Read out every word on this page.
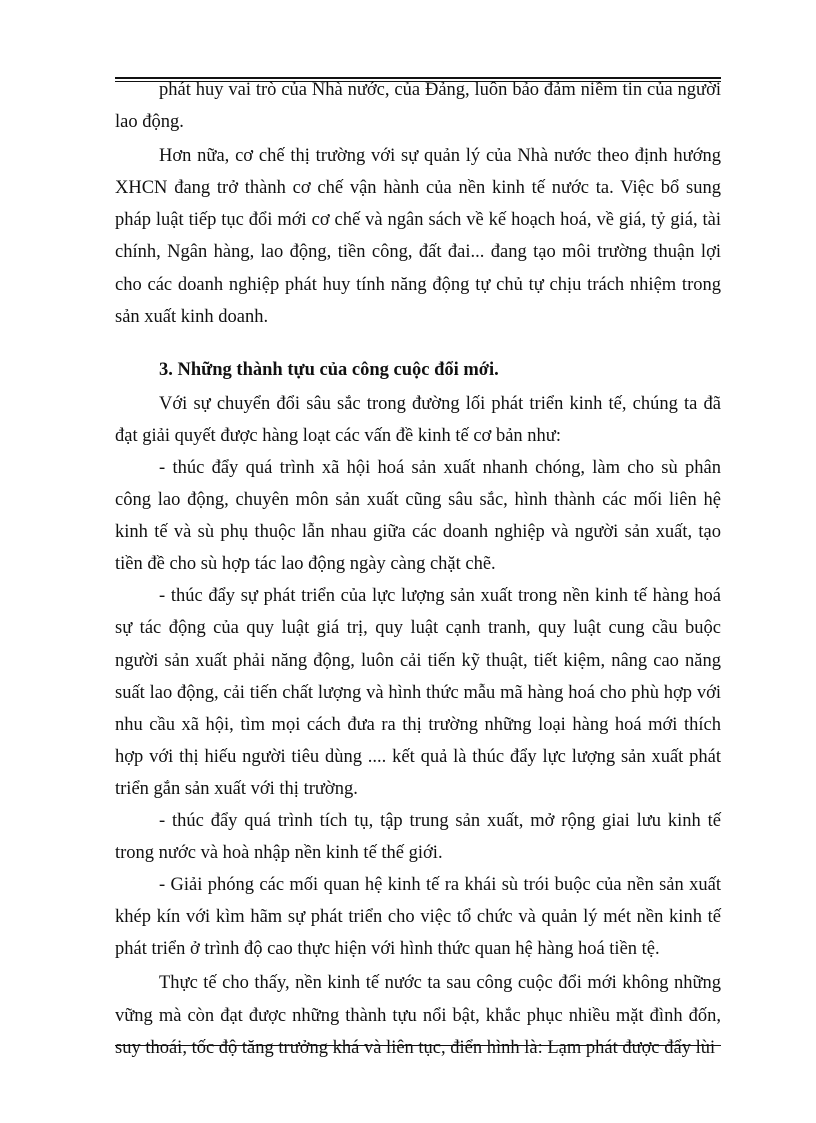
phát huy vai trò của Nhà nước, của Đảng, luôn bảo đảm niềm tin của người lao động.

Hơn nữa, cơ chế thị trường với sự quản lý của Nhà nước theo định hướng XHCN đang trở thành cơ chế vận hành của nền kinh tế nước ta. Việc bổ sung pháp luật tiếp tục đổi mới cơ chế và ngân sách về kế hoạch hoá, về giá, tỷ giá, tài chính, Ngân hàng, lao động, tiền công, đất đai... đang tạo môi trường thuận lợi cho các doanh nghiệp phát huy tính năng động tự chủ tự chịu trách nhiệm trong sản xuất kinh doanh.

3. Những thành tựu của công cuộc đổi mới.

Với sự chuyển đổi sâu sắc trong đường lối phát triển kinh tế, chúng ta đã đạt giải quyết được hàng loạt các vấn đề kinh tế cơ bản như:

- thúc đẩy quá trình xã hội hoá sản xuất nhanh chóng, làm cho sù phân công lao động, chuyên môn sản xuất cũng sâu sắc, hình thành các mối liên hệ kinh tế và sù phụ thuộc lẫn nhau giữa các doanh nghiệp và người sản xuất, tạo tiền đề cho sù hợp tác lao động ngày càng chặt chẽ.

- thúc đẩy sự phát triển của lực lượng sản xuất trong nền kinh tế hàng hoá sự tác động của quy luật giá trị, quy luật cạnh tranh, quy luật cung cầu buộc người sản xuất phải năng động, luôn cải tiến kỹ thuật, tiết kiệm, nâng cao năng suất lao động, cải tiến chất lượng và hình thức mẫu mã hàng hoá cho phù hợp với nhu cầu xã hội, tìm mọi cách đưa ra thị trường những loại hàng hoá mới thích hợp với thị hiếu người tiêu dùng .... kết quả là thúc đẩy lực lượng sản xuất phát triển gắn sản xuất với thị trường.

- thúc đẩy quá trình tích tụ, tập trung sản xuất, mở rộng giai lưu kinh tế trong nước và hoà nhập nền kinh tế thế giới.

- Giải phóng các mối quan hệ kinh tế ra khái sù trói buộc của nền sản xuất khép kín với kìm hãm sự phát triển cho việc tổ chức và quản lý mét nền kinh tế phát triển ở trình độ cao thực hiện với hình thức quan hệ hàng hoá tiền tệ.

Thực tế cho thấy, nền kinh tế nước ta sau công cuộc đổi mới không những vững mà còn đạt được những thành tựu nổi bật, khắc phục nhiều mặt đình đốn, suy thoái, tốc độ tăng trưởng khá và liên tục, điển hình là: Lạm phát được đẩy lùi
